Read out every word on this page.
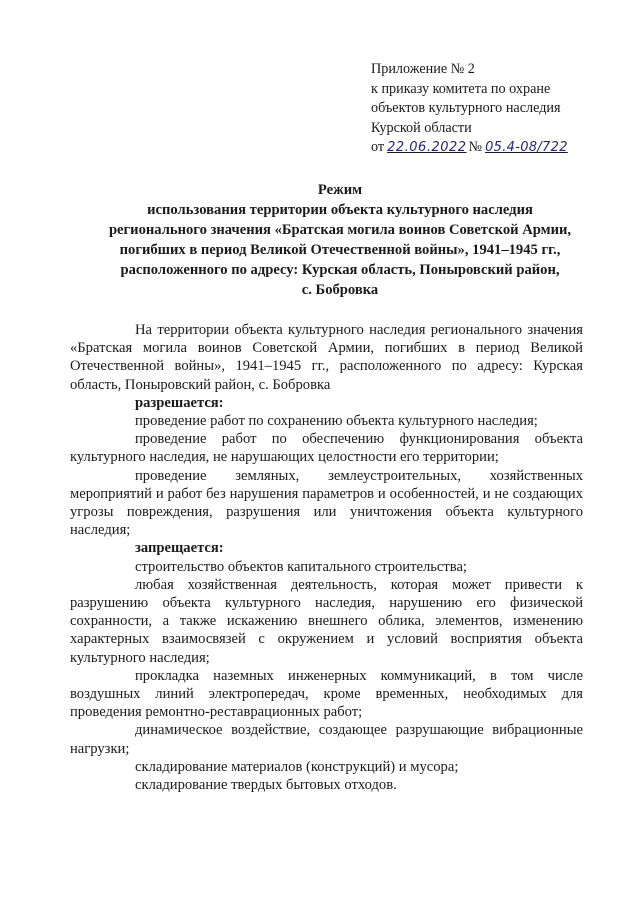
Приложение № 2
к приказу комитета по охране
объектов культурного наследия
Курской области
от 22.06.2022 № 05.4-08/722
Режим
использования территории объекта культурного наследия
регионального значения «Братская могила воинов Советской Армии,
погибших в период Великой Отечественной войны», 1941–1945 гг.,
расположенного по адресу: Курская область, Поныровский район,
с. Бобровка

На территории объекта культурного наследия регионального значения «Братская могила воинов Советской Армии, погибших в период Великой Отечественной войны», 1941–1945 гг., расположенного по адресу: Курская область, Поныровский район, с. Бобровка

разрешается:

проведение работ по сохранению объекта культурного наследия;

проведение работ по обеспечению функционирования объекта культурного наследия, не нарушающих целостности его территории;

проведение земляных, землеустроительных, хозяйственных мероприятий и работ без нарушения параметров и особенностей, и не создающих угрозы повреждения, разрушения или уничтожения объекта культурного наследия;

запрещается:

строительство объектов капитального строительства;

любая хозяйственная деятельность, которая может привести к разрушению объекта культурного наследия, нарушению его физической сохранности, а также искажению внешнего облика, элементов, изменению характерных взаимосвязей с окружением и условий восприятия объекта культурного наследия;

прокладка наземных инженерных коммуникаций, в том числе воздушных линий электропередач, кроме временных, необходимых для проведения ремонтно-реставрационных работ;

динамическое воздействие, создающее разрушающие вибрационные нагрузки;

складирование материалов (конструкций) и мусора;

складирование твердых бытовых отходов.
